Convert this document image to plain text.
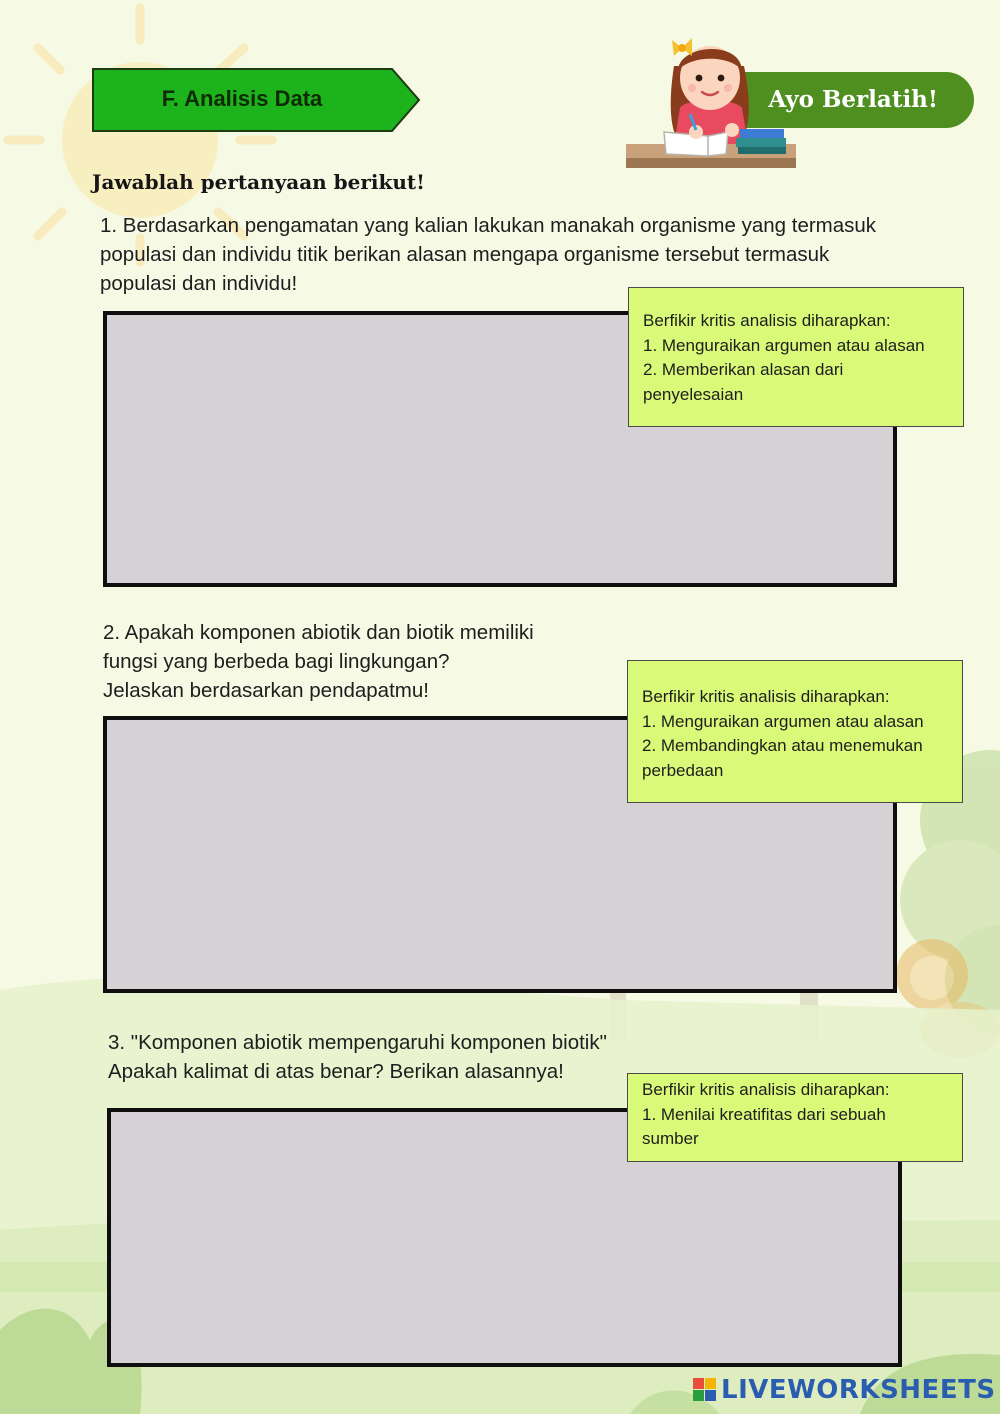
F. Analisis Data	Ayo Berlatih!
Jawablah pertanyaan berikut!
1. Berdasarkan pengamatan yang kalian lakukan manakah organisme yang termasuk
populasi dan individu titik berikan alasan mengapa organisme tersebut termasuk
populasi dan individu!
Berfikir kritis analisis diharapkan:
1. Menguraikan argumen atau alasan
2. Memberikan alasan dari penyelesaian
2. Apakah komponen abiotik dan biotik memiliki
fungsi yang berbeda bagi lingkungan?
Jelaskan berdasarkan pendapatmu!	Berfikir kritis analisis diharapkan:
1. Menguraikan argumen atau alasan
2. Membandingkan atau menemukan perbedaan
3. "Komponen abiotik mempengaruhi komponen biotik"
Apakah kalimat di atas benar? Berikan alasannya!
Berfikir kritis analisis diharapkan:
1. Menilai kreatifitas dari sebuah sumber
LIVEWORKSHEETS
